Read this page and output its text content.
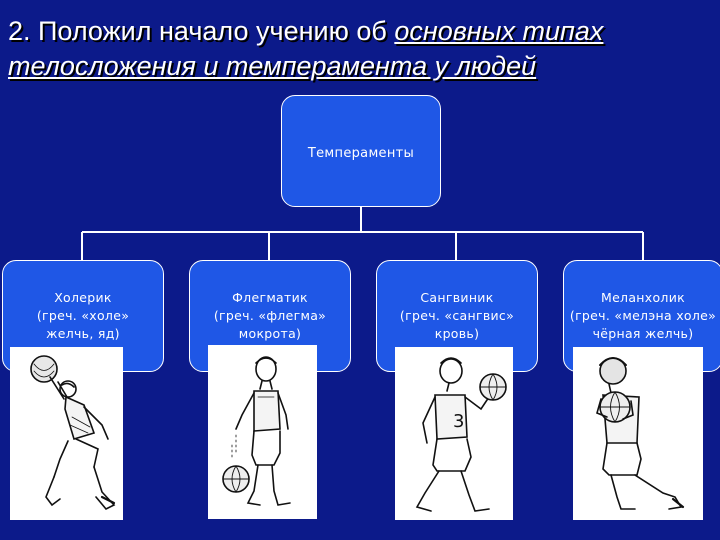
2. Положил начало учению об основных типах телосложения и темперамента у людей
Темпераменты
Холерик
(греч. «холе»
желчь, яд)
Флегматик
(греч. «флегма»
мокрота)
Сангвиник
(греч. «сангвис»
кровь)
Меланхолик
(греч. «мелэна холе»
чёрная желчь)
3
